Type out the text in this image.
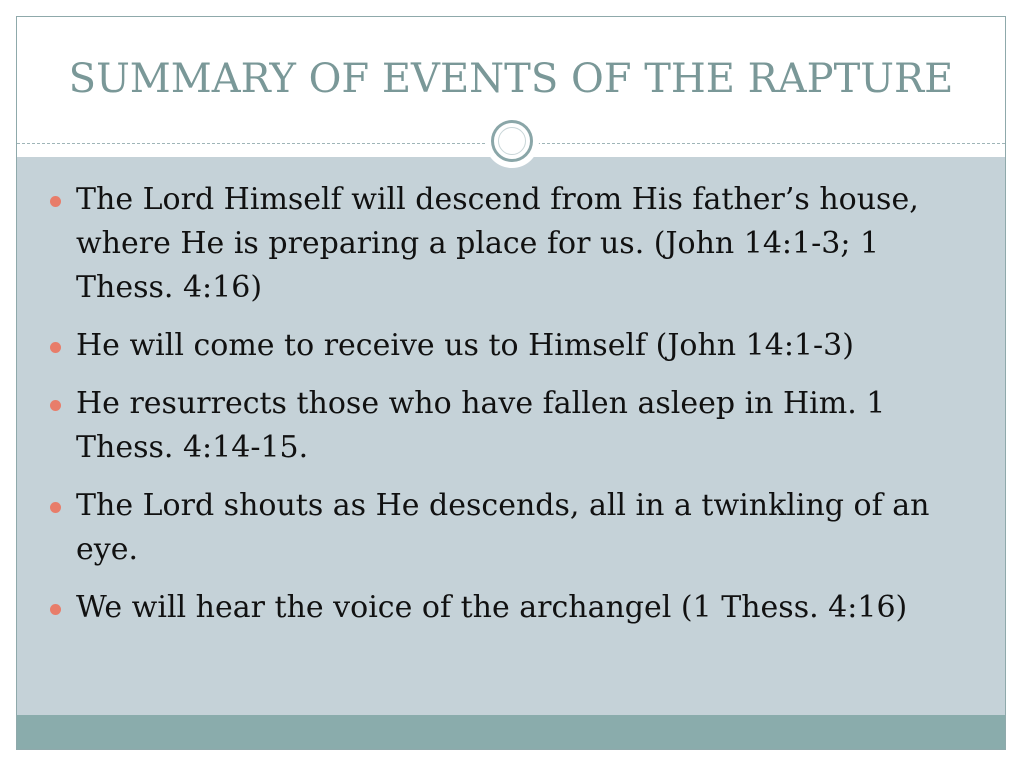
SUMMARY OF EVENTS OF THE RAPTURE
The Lord Himself will descend from His father’s house, where He is preparing a place for us. (John 14:1-3; 1 Thess. 4:16)
He will come to receive us to Himself (John 14:1-3)
He resurrects those who have fallen asleep in Him. 1 Thess. 4:14-15.
The Lord shouts as He descends, all in a twinkling of an eye.
We will hear the voice of the archangel (1 Thess. 4:16)
